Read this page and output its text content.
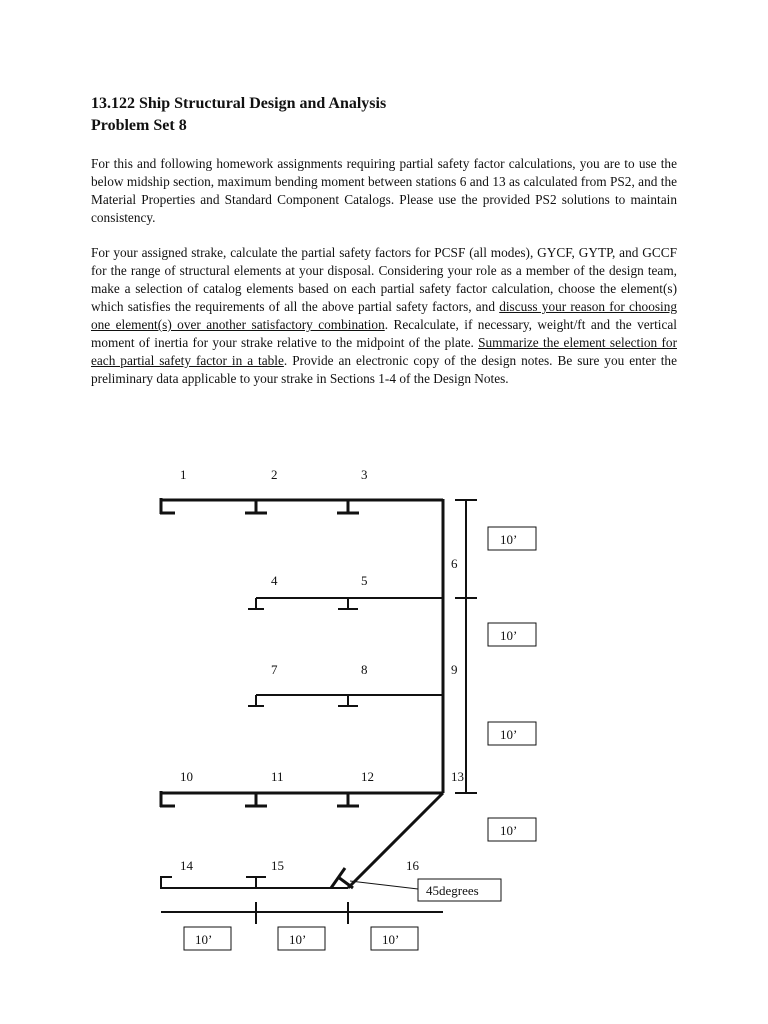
13.122 Ship Structural Design and Analysis
Problem Set 8

For this and following homework assignments requiring partial safety factor calculations, you are to use the below midship section, maximum bending moment between stations 6 and 13 as calculated from PS2, and the Material Properties and Standard Component Catalogs. Please use the provided PS2 solutions to maintain consistency.

For your assigned strake, calculate the partial safety factors for PCSF (all modes), GYCF, GYTP, and GCCF for the range of structural elements at your disposal. Considering your role as a member of the design team, make a selection of catalog elements based on each partial safety factor calculation, choose the element(s) which satisfies the requirements of all the above partial safety factors, and discuss your reason for choosing one element(s) over another satisfactory combination. Recalculate, if necessary, weight/ft and the vertical moment of inertia for your strake relative to the midpoint of the plate. Summarize the element selection for each partial safety factor in a table. Provide an electronic copy of the design notes. Be sure you enter the preliminary data applicable to your strake in Sections 1-4 of the Design Notes.

1	2	3
4	5
6
7	8	9
10	11	12	13
14	15	16
10’
10’
10’
10’
10’	10’	10’
45degrees
